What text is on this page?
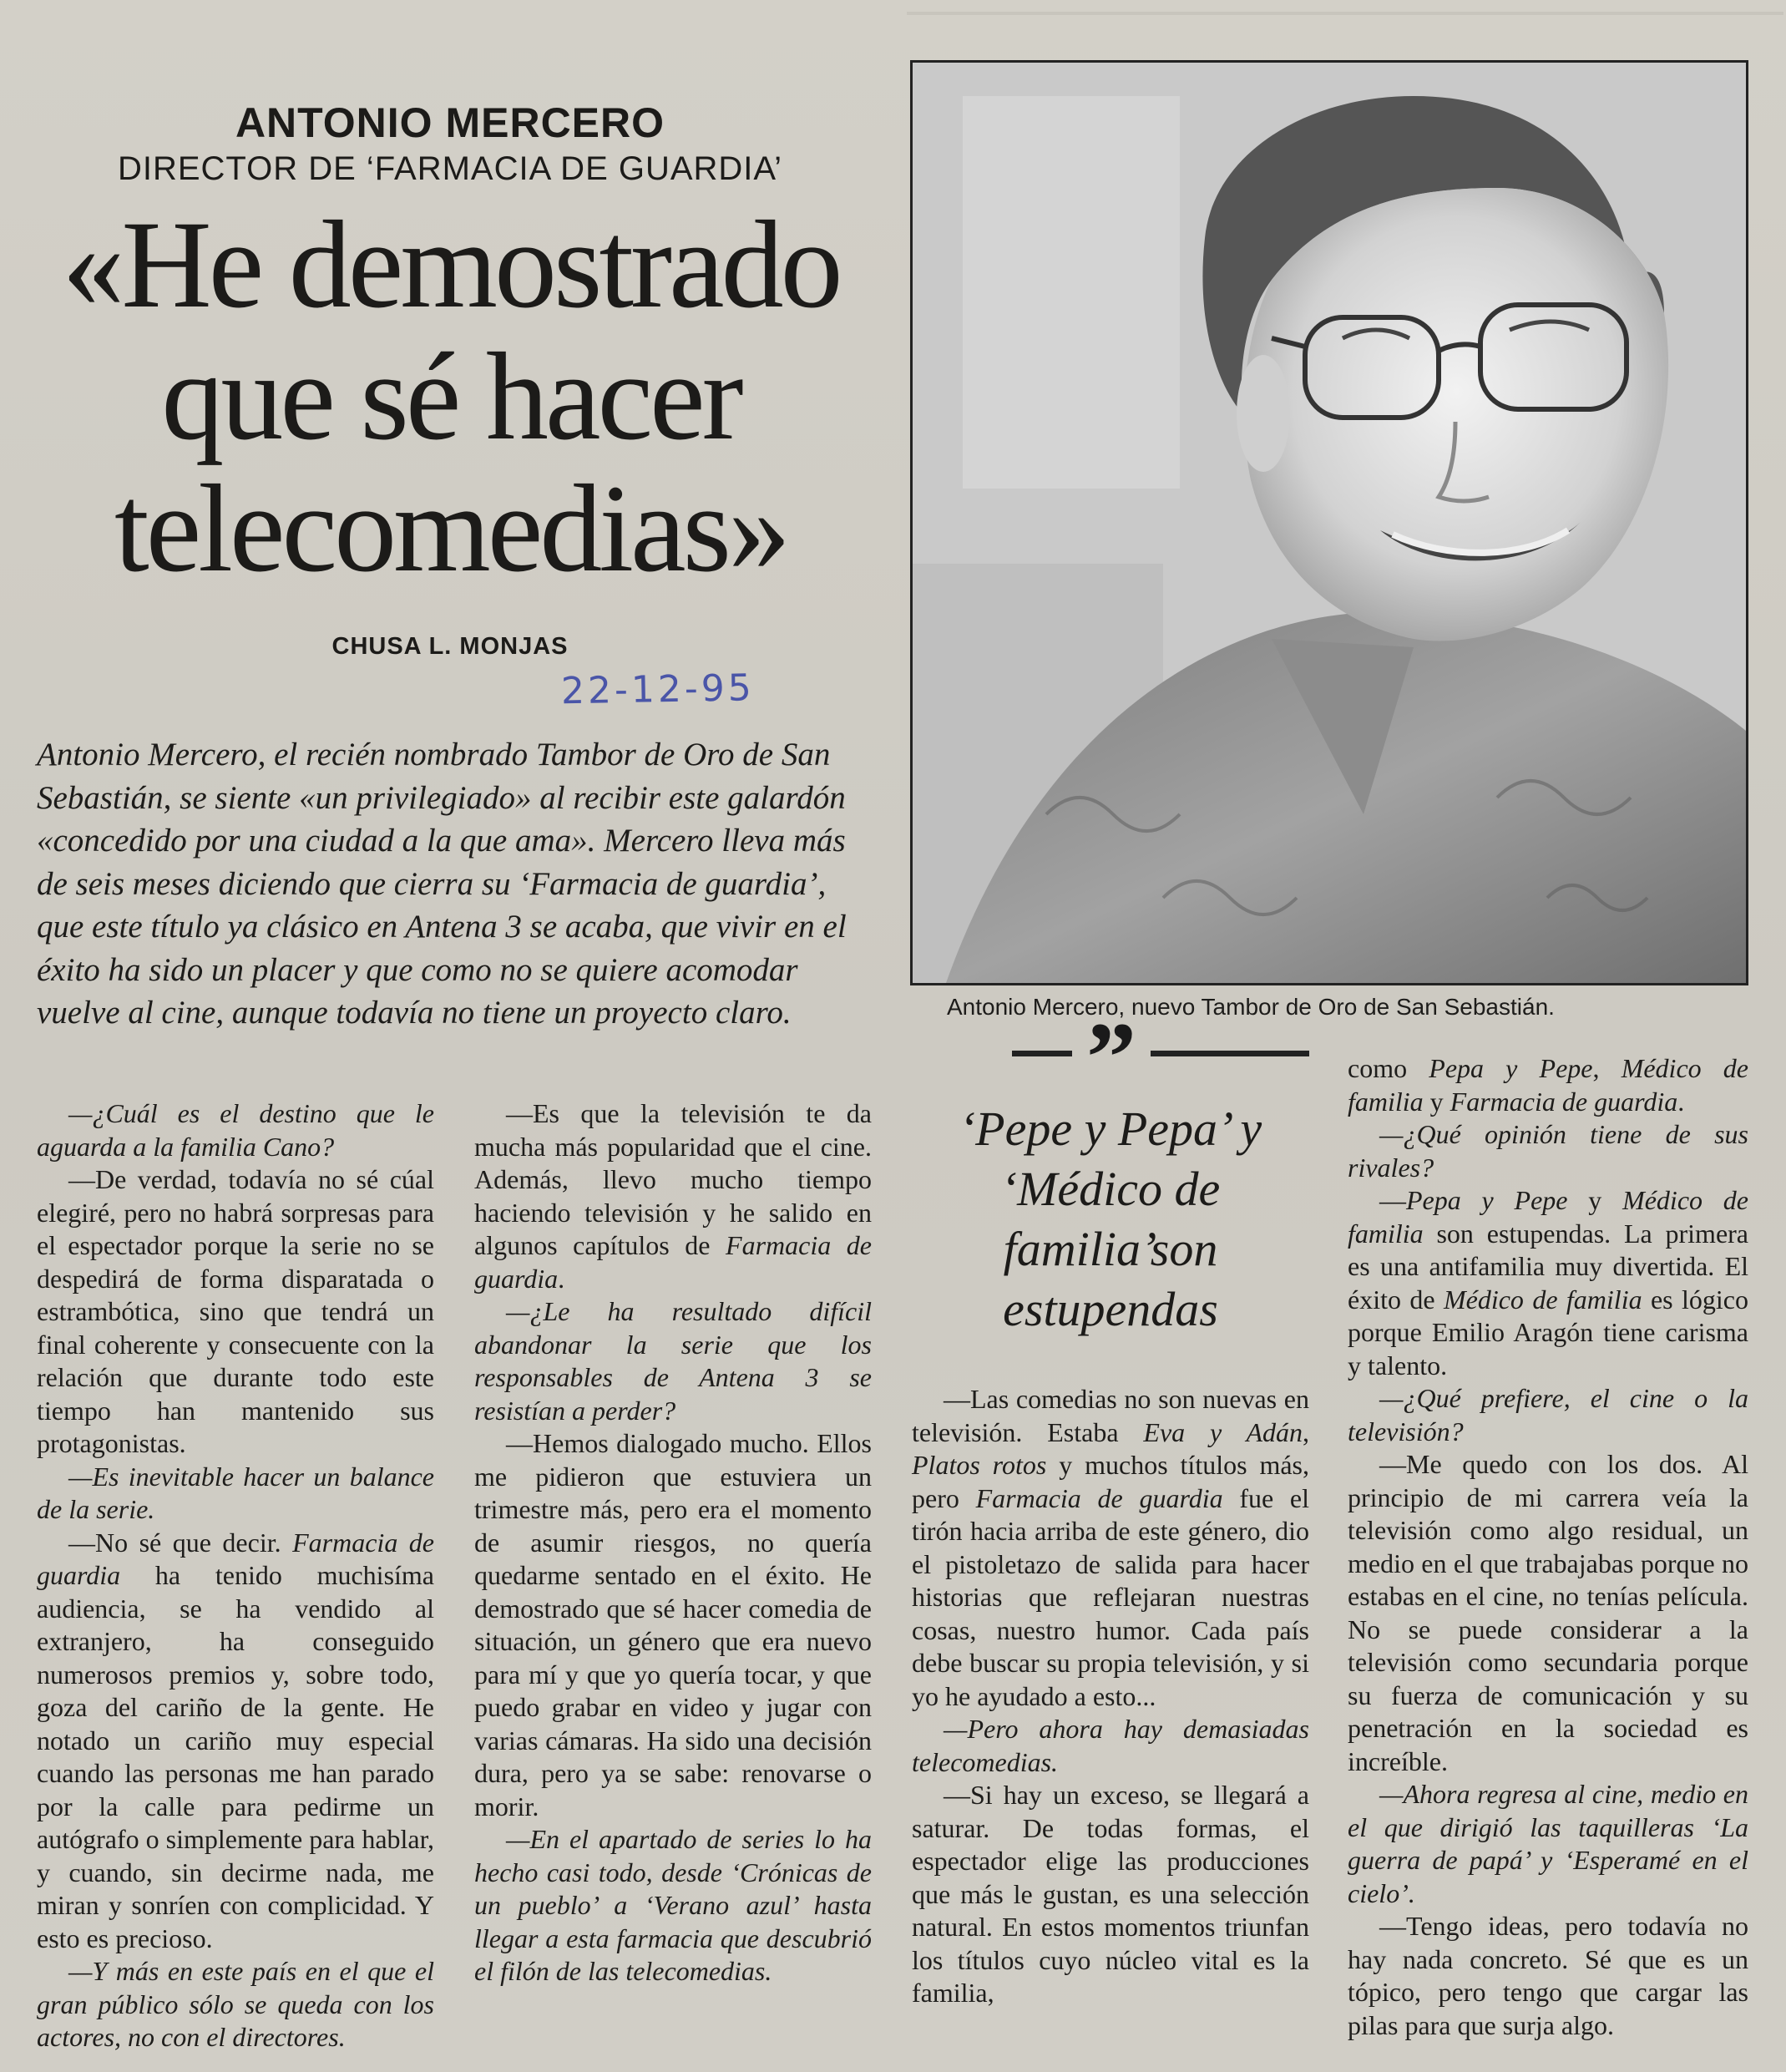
ANTONIO MERCERO
DIRECTOR DE ‘FARMACIA DE GUARDIA’
«He demostrado
que sé hacer
telecomedias»
CHUSA L. MONJAS
22-12-95
Antonio Mercero, el recién nombrado Tambor de Oro de San Sebastián, se siente «un privilegiado» al recibir este galardón «concedido por una ciudad a la que ama». Mercero lleva más de seis meses diciendo que cierra su ‘Farmacia de guardia’, que este título ya clásico en Antena 3 se acaba, que vivir en el éxito ha sido un placer y que como no se quiere acomodar vuelve al cine, aunque todavía no tiene un proyecto claro.	Antonio Mercero, nuevo Tambor de Oro de San Sebastián.
”
‘Pepe y Pepa’ y ‘Médico de familia’son estupendas

—¿Cuál es el destino que le aguarda a la familia Cano?

—De verdad, todavía no sé cúal elegiré, pero no habrá sorpresas para el espectador porque la serie no se despedirá de forma disparatada o estrambótica, sino que tendrá un final coherente y consecuente con la relación que durante todo este tiempo han mantenido sus protagonistas.

—Es inevitable hacer un balance de la serie.

—No sé que decir. Farmacia de guardia ha tenido muchisíma audiencia, se ha vendido al extranjero, ha conseguido numerosos premios y, sobre todo, goza del cariño de la gente. He notado un cariño muy especial cuando las personas me han parado por la calle para pedirme un autógrafo o simplemente para hablar, y cuando, sin decirme nada, me miran y sonríen con complicidad. Y esto es precioso.

—Y más en este país en el que el gran público sólo se queda con los actores, no con el directores.

—Es que la televisión te da mucha más popularidad que el cine. Además, llevo mucho tiempo haciendo televisión y he salido en algunos capítulos de Farmacia de guardia.

—¿Le ha resultado difícil abandonar la serie que los responsables de Antena 3 se resistían a perder?

—Hemos dialogado mucho. Ellos me pidieron que estuviera un trimestre más, pero era el momento de asumir riesgos, no quería quedarme sentado en el éxito. He demostrado que sé hacer comedia de situación, un género que era nuevo para mí y que yo quería tocar, y que puedo grabar en video y jugar con varias cámaras. Ha sido una decisión dura, pero ya se sabe: renovarse o morir.

—En el apartado de series lo ha hecho casi todo, desde ‘Crónicas de un pueblo’ a ‘Verano azul’ hasta llegar a esta farmacia que descubrió el filón de las telecomedias.

—Las comedias no son nuevas en televisión. Estaba Eva y Adán, Platos rotos y muchos títulos más, pero Farmacia de guardia fue el tirón hacia arriba de este género, dio el pistoletazo de salida para hacer historias que reflejaran nuestras cosas, nuestro humor. Cada país debe buscar su propia televisión, y si yo he ayudado a esto...

—Pero ahora hay demasiadas telecomedias.

—Si hay un exceso, se llegará a saturar. De todas formas, el espectador elige las producciones que más le gustan, es una selección natural. En estos momentos triunfan los títulos cuyo núcleo vital es la familia,

como Pepa y Pepe, Médico de familia y Farmacia de guardia.

—¿Qué opinión tiene de sus rivales?

—Pepa y Pepe y Médico de familia son estupendas. La primera es una antifamilia muy divertida. El éxito de Médico de familia es lógico porque Emilio Aragón tiene carisma y talento.

—¿Qué prefiere, el cine o la televisión?

—Me quedo con los dos. Al principio de mi carrera veía la televisión como algo residual, un medio en el que trabajabas porque no estabas en el cine, no tenías película. No se puede considerar a la televisión como secundaria porque su fuerza de comunicación y su penetración en la sociedad es increíble.

—Ahora regresa al cine, medio en el que dirigió las taquilleras ‘La guerra de papá’ y ‘Esperamé en el cielo’.

—Tengo ideas, pero todavía no hay nada concreto. Sé que es un tópico, pero tengo que cargar las pilas para que surja algo.
